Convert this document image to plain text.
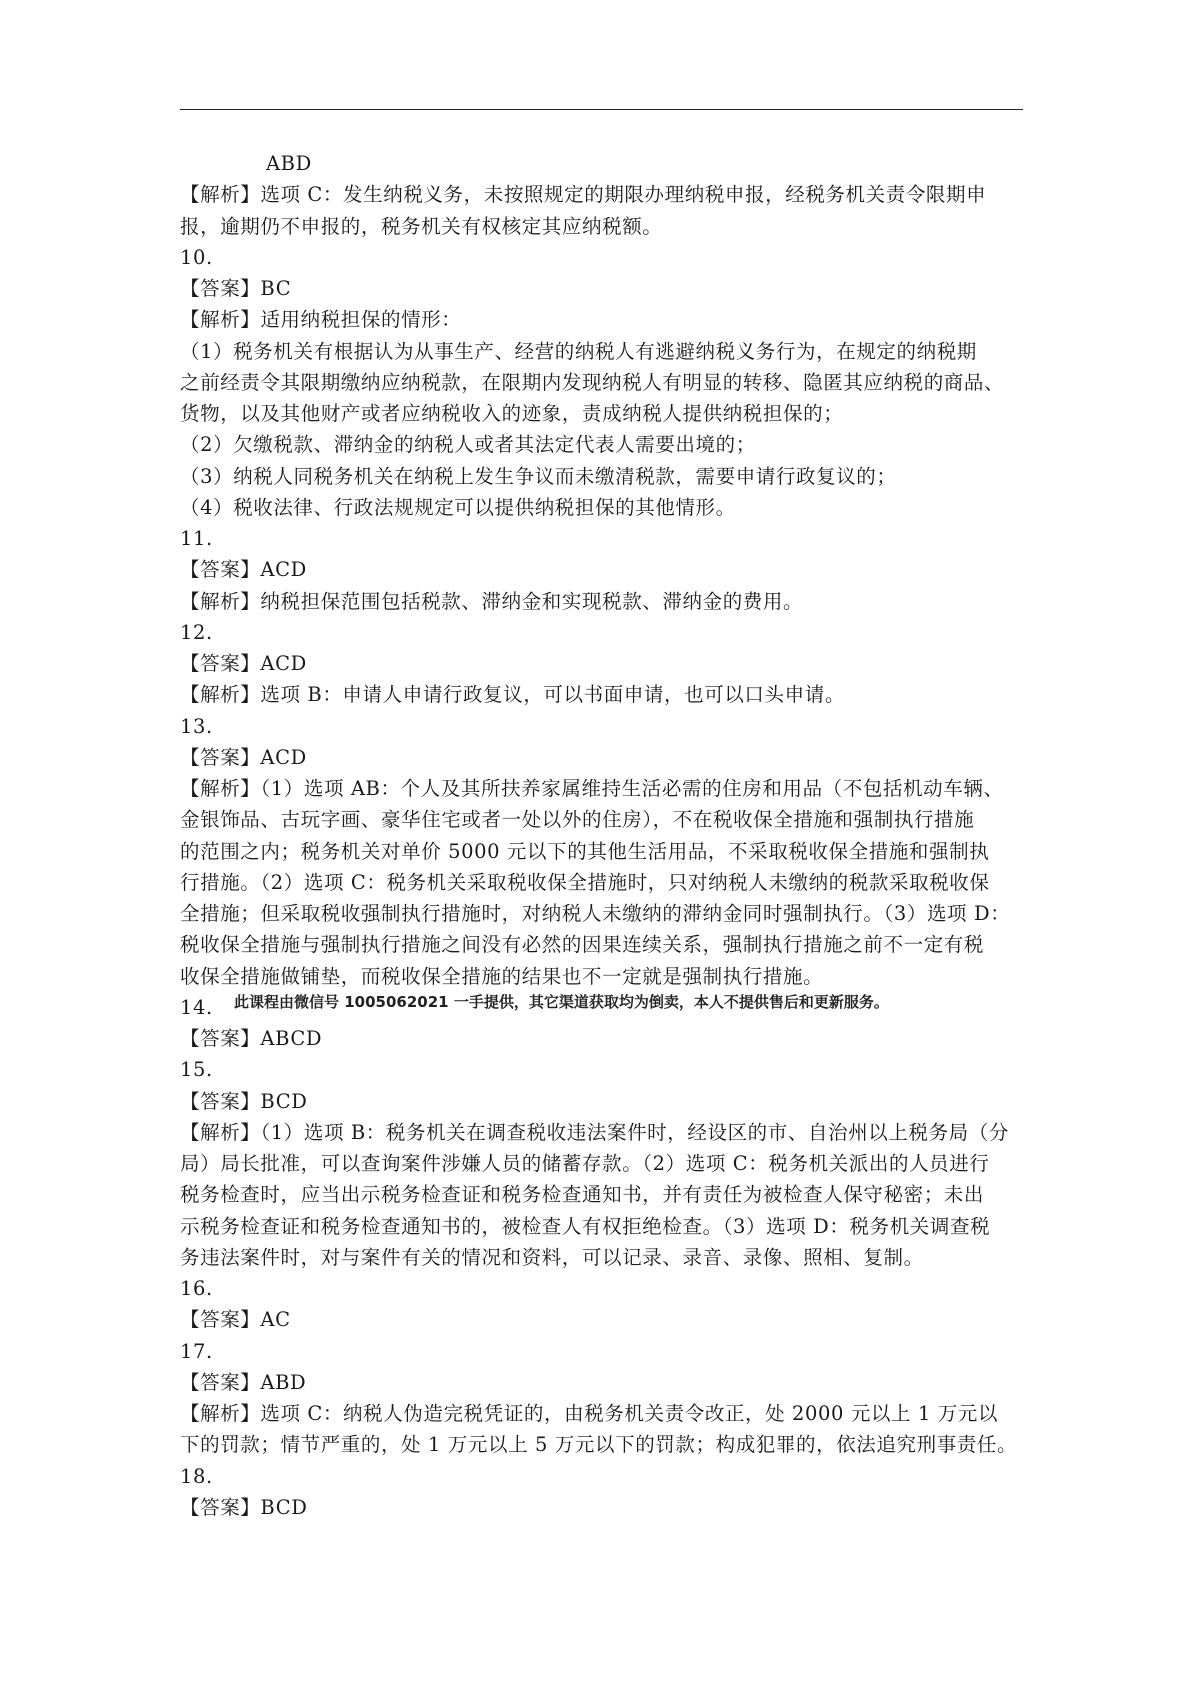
ABD
【解析】选项 C：发生纳税义务，未按照规定的期限办理纳税申报，经税务机关责令限期申
报，逾期仍不申报的，税务机关有权核定其应纳税额。
10.
【答案】BC
【解析】适用纳税担保的情形：
（1）税务机关有根据认为从事生产、经营的纳税人有逃避纳税义务行为，在规定的纳税期
之前经责令其限期缴纳应纳税款，在限期内发现纳税人有明显的转移、隐匿其应纳税的商品、
货物，以及其他财产或者应纳税收入的迹象，责成纳税人提供纳税担保的；
（2）欠缴税款、滞纳金的纳税人或者其法定代表人需要出境的；
（3）纳税人同税务机关在纳税上发生争议而未缴清税款，需要申请行政复议的；
（4）税收法律、行政法规规定可以提供纳税担保的其他情形。
11.
【答案】ACD
【解析】纳税担保范围包括税款、滞纳金和实现税款、滞纳金的费用。
12.
【答案】ACD
【解析】选项 B：申请人申请行政复议，可以书面申请，也可以口头申请。
13.
【答案】ACD
【解析】（1）选项 AB：个人及其所扶养家属维持生活必需的住房和用品（不包括机动车辆、
金银饰品、古玩字画、豪华住宅或者一处以外的住房），不在税收保全措施和强制执行措施
的范围之内；税务机关对单价 5000 元以下的其他生活用品，不采取税收保全措施和强制执
行措施。（2）选项 C：税务机关采取税收保全措施时，只对纳税人未缴纳的税款采取税收保
全措施；但采取税收强制执行措施时，对纳税人未缴纳的滞纳金同时强制执行。（3）选项 D：
税收保全措施与强制执行措施之间没有必然的因果连续关系，强制执行措施之前不一定有税
收保全措施做铺垫，而税收保全措施的结果也不一定就是强制执行措施。
14.
【答案】ABCD
15.
【答案】BCD
【解析】（1）选项 B：税务机关在调查税收违法案件时，经设区的市、自治州以上税务局（分
局）局长批准，可以查询案件涉嫌人员的储蓄存款。（2）选项 C：税务机关派出的人员进行
税务检查时，应当出示税务检查证和税务检查通知书，并有责任为被检查人保守秘密；未出
示税务检查证和税务检查通知书的，被检查人有权拒绝检查。（3）选项 D：税务机关调查税
务违法案件时，对与案件有关的情况和资料，可以记录、录音、录像、照相、复制。
16.
【答案】AC
17.
【答案】ABD
【解析】选项 C：纳税人伪造完税凭证的，由税务机关责令改正，处 2000 元以上 1 万元以
下的罚款；情节严重的，处 1 万元以上 5 万元以下的罚款；构成犯罪的，依法追究刑事责任。
18.
【答案】BCD
此课程由微信号 1005062021 一手提供，其它渠道获取均为倒卖，本人不提供售后和更新服务。
